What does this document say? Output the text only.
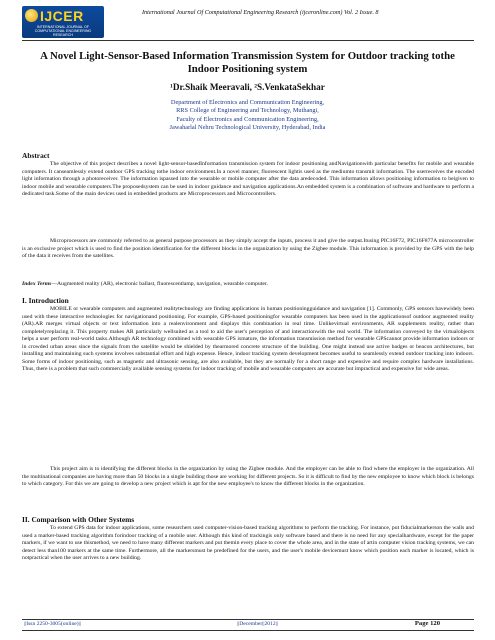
IJCER
INTERNATIONAL JOURNAL OF COMPUTATIONAL ENGINEERING RESEARCH
International Journal Of Computational Engineering Research (ijceronline.com) Vol. 2 Issue. 8
A Novel Light-Sensor-Based Information Transmission System for Outdoor tracking tothe Indoor Positioning system
¹Dr.Shaik Meeravali, ²S.VenkataSekhar
Department of Electronics and Communication Engineering,
RRS College of Engineering and Technology, Muthangi,
Faculty of Electronics and Communication Engineering,
Jawaharlal Nehru Technological University, Hyderabad, India
Abstract
The objective of this project describes a novel light-sensor-basedInformation transmission system for indoor positioning andNavigationwith particular benefits for mobile and wearable computers. It canseamlessly extend outdoor GPS tracking tothe indoor environment.In a novel manner, fluorescent lightis used as the mediumto transmit information. The userreceives the encoded light information through a photoreceiver. The information ispassed into the wearable or mobile computer after the data aredecoded. This information allows positioning information to beigiven to indoor mobile and wearable computers.The proposedsystem can be used in indoor guidance and navigation applications.An embedded system is a combination of software and hardware to perform a dedicated task.Some of the main devices used in embedded products are Microprocessors and Microcontrollers.
Microprocessors are commonly referred to as general purpose processors as they simply accept the inputs, process it and give the output.Itusing PIC16F72, PIC16F877A microcontroller is an exclusive project which is used to find the position identification for the different blocks in the organization by using the Zigbee module. This information is provided by the GPS with the help of the data it receives from the satellites.
Index Terms—Augmented reality (AR), electronic ballast, fluorescentlamp, navigation, wearable computer.
I. Introduction
MOBILE or wearable computers and augmented realitytechnology are finding applications in human positioningguidance and navigation [1]. Commonly, GPS sensors havewidely been used with these interactive technologies for navigationand positioning. For example, GPS-based positioningfor wearable computers has been used in the applicationsof outdoor augmented reality (AR).AR merges virtual objects or text information into a realenvironment and displays this combination in real time. Unlikevirtual environments, AR supplements reality, rather than completelyreplacing it. This property makes AR particularly wellsuited as a tool to aid the user's perception of and interactionwith the real world. The information conveyed by the virtualobjects helps a user perform real-world tasks.Although AR technology combined with wearable GPS ismature, the information transmission method for wearable GPScannot provide information indoors or in crowded urban areas since the signals from the satellite would be shielded by thearmored concrete structure of the building. One might instead use active badges or beacon architectures, but installing and maintaining such systems involves substantial effort and high expense. Hence, indoor tracking system development becomes useful to seamlessly extend outdoor tracking into indoors. Some forms of indoor positioning, such as magnetic and ultrasonic sensing, are also available, but they are normally for a short range and expensive and require complex hardware installations. Thus, there is a problem that such commercially available sensing systems for indoor tracking of mobile and wearable computers are accurate but impractical and expensive for wide areas.
This project aim is to identifying the different blocks in the organization by using the Zigbee module. And the employer can be able to find where the employer in the organization. All the multinational companies are having more than 50 blocks in a single building those are working for different projects. So it is difficult to find by the new employee to know which block is belongs to which category. For this we are going to develop a new project which is apt for the new employee's to know the different blocks in the organization.
II. Comparison with Other Systems
To extend GPS data for indoor applications, some researchers used computer-vision-based tracking algorithms to perform the tracking. For instance, put fiducialmarkerson the walls and used a marker-based tracking algorithm forindoor tracking of a mobile user. Although this kind of trackingis only software based and there is no need for any specialhardware, except for the paper markers, if we want to use thismethod, we need to have many different markers and put themin every place to cover the whole area, and in the state of artin computer vision tracking systems, we can detect less than100 markers at the same time. Furthermore, all the markersmust be predefined for the users, and the user's mobile devicemust know which position each marker is located, which is notpractical when the user arrives to a new building.
||Issn 2250-3005(online)||	||December||2012||	Page 120
